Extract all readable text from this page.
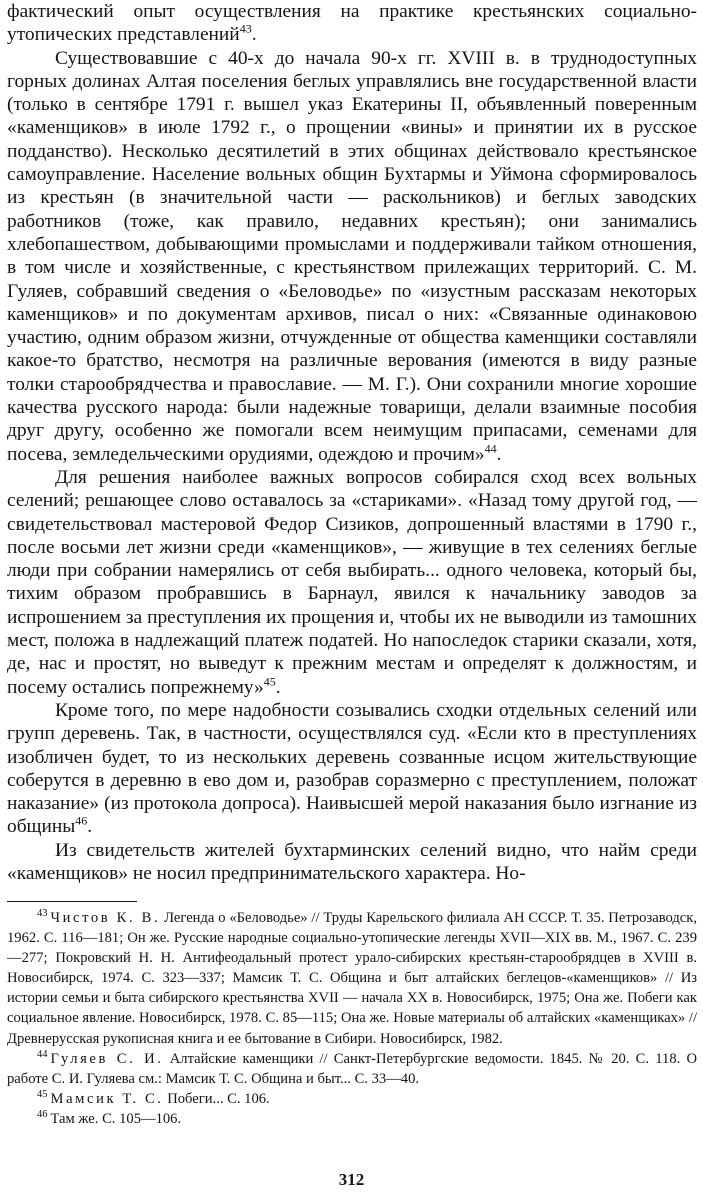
фактический опыт осуществления на практике крестьянских социально-утопических представлений$^{43}$.

Существовавшие с 40-х до начала 90-х гг. XVIII в. в труднодоступных горных долинах Алтая поселения беглых управлялись вне государственной власти (только в сентябре 1791 г. вышел указ Екатерины II, объявленный поверенным «каменщиков» в июле 1792 г., о прощении «вины» и принятии их в русское подданство). Несколько десятилетий в этих общинах действовало крестьянское самоуправление. Население вольных общин Бухтармы и Уймона сформировалось из крестьян (в значительной части — раскольников) и беглых заводских работников (тоже, как правило, недавних крестьян); они занимались хлебопашеством, добывающими промыслами и поддерживали тайком отношения, в том числе и хозяйственные, с крестьянством прилежащих территорий. С. М. Гуляев, собравший сведения о «Беловодье» по «изустным рассказам некоторых каменщиков» и по документам архивов, писал о них: «Связанные одинаковою участию, одним образом жизни, отчужденные от общества каменщики составляли какое-то братство, несмотря на различные верования (имеются в виду разные толки старообрядчества и православие. — М. Г.). Они сохранили многие хорошие качества русского народа: были надежные товарищи, делали взаимные пособия друг другу, особенно же помогали всем неимущим припасами, семенами для посева, земледельческими орудиями, одеждою и прочим»$^{44}$.

Для решения наиболее важных вопросов собирался сход всех вольных селений; решающее слово оставалось за «стариками». «Назад тому другой год, — свидетельствовал мастеровой Федор Сизиков, допрошенный властями в 1790 г., после восьми лет жизни среди «каменщиков», — живущие в тех селениях беглые люди при собрании намерялись от себя выбирать... одного человека, который бы, тихим образом пробравшись в Барнаул, явился к начальнику заводов за испрошением за преступления их прощения и, чтобы их не выводили из тамошних мест, положа в надлежащий платеж податей. Но напоследок старики сказали, хотя, де, нас и простят, но выведут к прежним местам и определят к должностям, и посему остались попрежнему»$^{45}$.

Кроме того, по мере надобности созывались сходки отдельных селений или групп деревень. Так, в частности, осуществлялся суд. «Если кто в преступлениях изобличен будет, то из нескольких деревень созванные исцом жительствующие соберутся в деревню в ево дом и, разобрав соразмерно с преступлением, положат наказание» (из протокола допроса). Наивысшей мерой наказания было изгнание из общины$^{46}$.

Из свидетельств жителей бухтарминских селений видно, что найм среди «каменщиков» не носил предпринимательского характера. Но-

$^{43}$ Чистов К. В. Легенда о «Беловодье» // Труды Карельского филиала АН СССР. Т. 35. Петрозаводск, 1962. С. 116—181; Он же. Русские народные социально-утопические легенды XVII—XIX вв. М., 1967. С. 239—277; Покровский Н. Н. Антифеодальный протест урало-сибирских крестьян-старообрядцев в XVIII в. Новосибирск, 1974. С. 323—337; Мамсик Т. С. Община и быт алтайских беглецов-«каменщиков» // Из истории семьи и быта сибирского крестьянства XVII — начала XX в. Новосибирск, 1975; Она же. Побеги как социальное явление. Новосибирск, 1978. С. 85—115; Она же. Новые материалы об алтайских «каменщиках» // Древнерусская рукописная книга и ее бытование в Сибири. Новосибирск, 1982.

$^{44}$ Гуляев С. И. Алтайские каменщики // Санкт-Петербургские ведомости. 1845. № 20. С. 118. О работе С. И. Гуляева см.: Мамсик Т. С. Община и быт... С. 33—40.

$^{45}$ Мамсик Т. С. Побеги... С. 106.

$^{46}$ Там же. С. 105—106.

312
